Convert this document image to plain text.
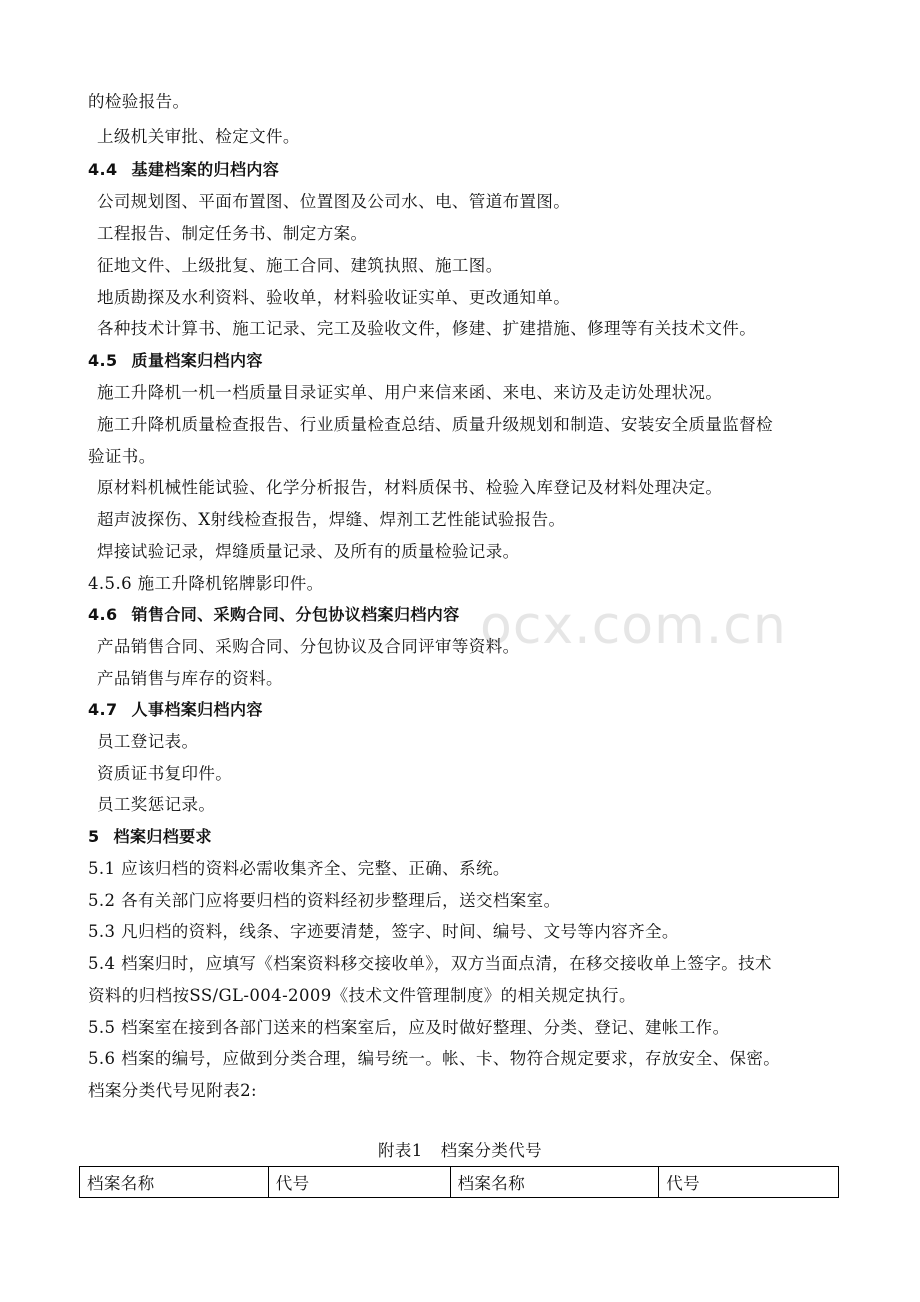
ocx.com.cn
的检验报告。
上级机关审批、检定文件。
4.4 基建档案的归档内容
公司规划图、平面布置图、位置图及公司水、电、管道布置图。
工程报告、制定任务书、制定方案。
征地文件、上级批复、施工合同、建筑执照、施工图。
地质勘探及水利资料、验收单，材料验收证实单、更改通知单。
各种技术计算书、施工记录、完工及验收文件，修建、扩建措施、修理等有关技术文件。
4.5 质量档案归档内容
施工升降机一机一档质量目录证实单、用户来信来函、来电、来访及走访处理状况。
施工升降机质量检查报告、行业质量检查总结、质量升级规划和制造、安装安全质量监督检
验证书。
原材料机械性能试验、化学分析报告，材料质保书、检验入库登记及材料处理决定。
超声波探伤、X射线检查报告，焊缝、焊剂工艺性能试验报告。
焊接试验记录，焊缝质量记录、及所有的质量检验记录。
4.5.6 施工升降机铭牌影印件。
4.6 销售合同、采购合同、分包协议档案归档内容
产品销售合同、采购合同、分包协议及合同评审等资料。
产品销售与库存的资料。
4.7 人事档案归档内容
员工登记表。
资质证书复印件。
员工奖惩记录。
5 档案归档要求
5.1 应该归档的资料必需收集齐全、完整、正确、系统。
5.2 各有关部门应将要归档的资料经初步整理后，送交档案室。
5.3 凡归档的资料，线条、字迹要清楚，签字、时间、编号、文号等内容齐全。
5.4 档案归时，应填写《档案资料移交接收单》，双方当面点清，在移交接收单上签字。技术
资料的归档按SS/GL-004-2009《技术文件管理制度》的相关规定执行。
5.5 档案室在接到各部门送来的档案室后，应及时做好整理、分类、登记、建帐工作。
5.6 档案的编号，应做到分类合理，编号统一。帐、卡、物符合规定要求，存放安全、保密。
档案分类代号见附表2:
附表1 档案分类代号
档案名称	代号	档案名称	代号
